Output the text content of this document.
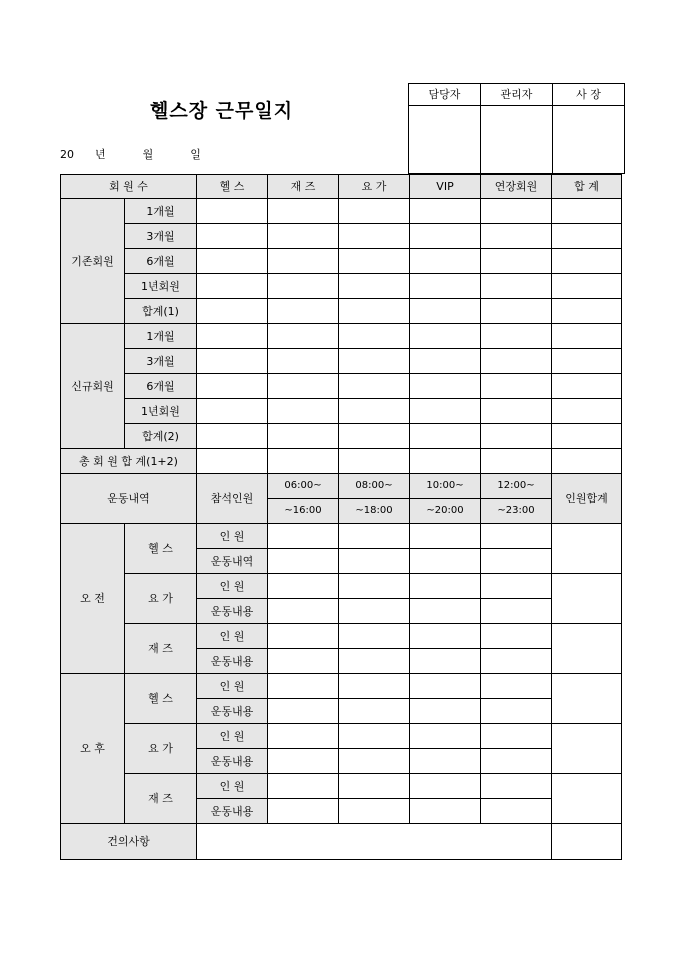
헬스장 근무일지
20 년	월	일
담당자	관리자	사 장

회 원 수		헬 스	재 즈	요 가	VIP	연장회원	합 계
기존회원	1개월						
	3개월						
	6개월						
	1년회원						
	합계(1)						
신규회원	1개월						
	3개월						
	6개월						
	1년회원						
	합계(2)						
총 회 원 합 계(1+2)							
운동내역		참석인원	06:00~	08:00~	10:00~	12:00~	인원합계
			~16:00	~18:00	~20:00	~23:00	
오 전	헬 스	인 원					
		운동내역					
	요 가	인 원					
		운동내용					
	재 즈	인 원					
		운동내용					
오 후	헬 스	인 원					
		운동내용					
	요 가	인 원					
		운동내용					
	재 즈	인 원					
		운동내용					
건의사항							
